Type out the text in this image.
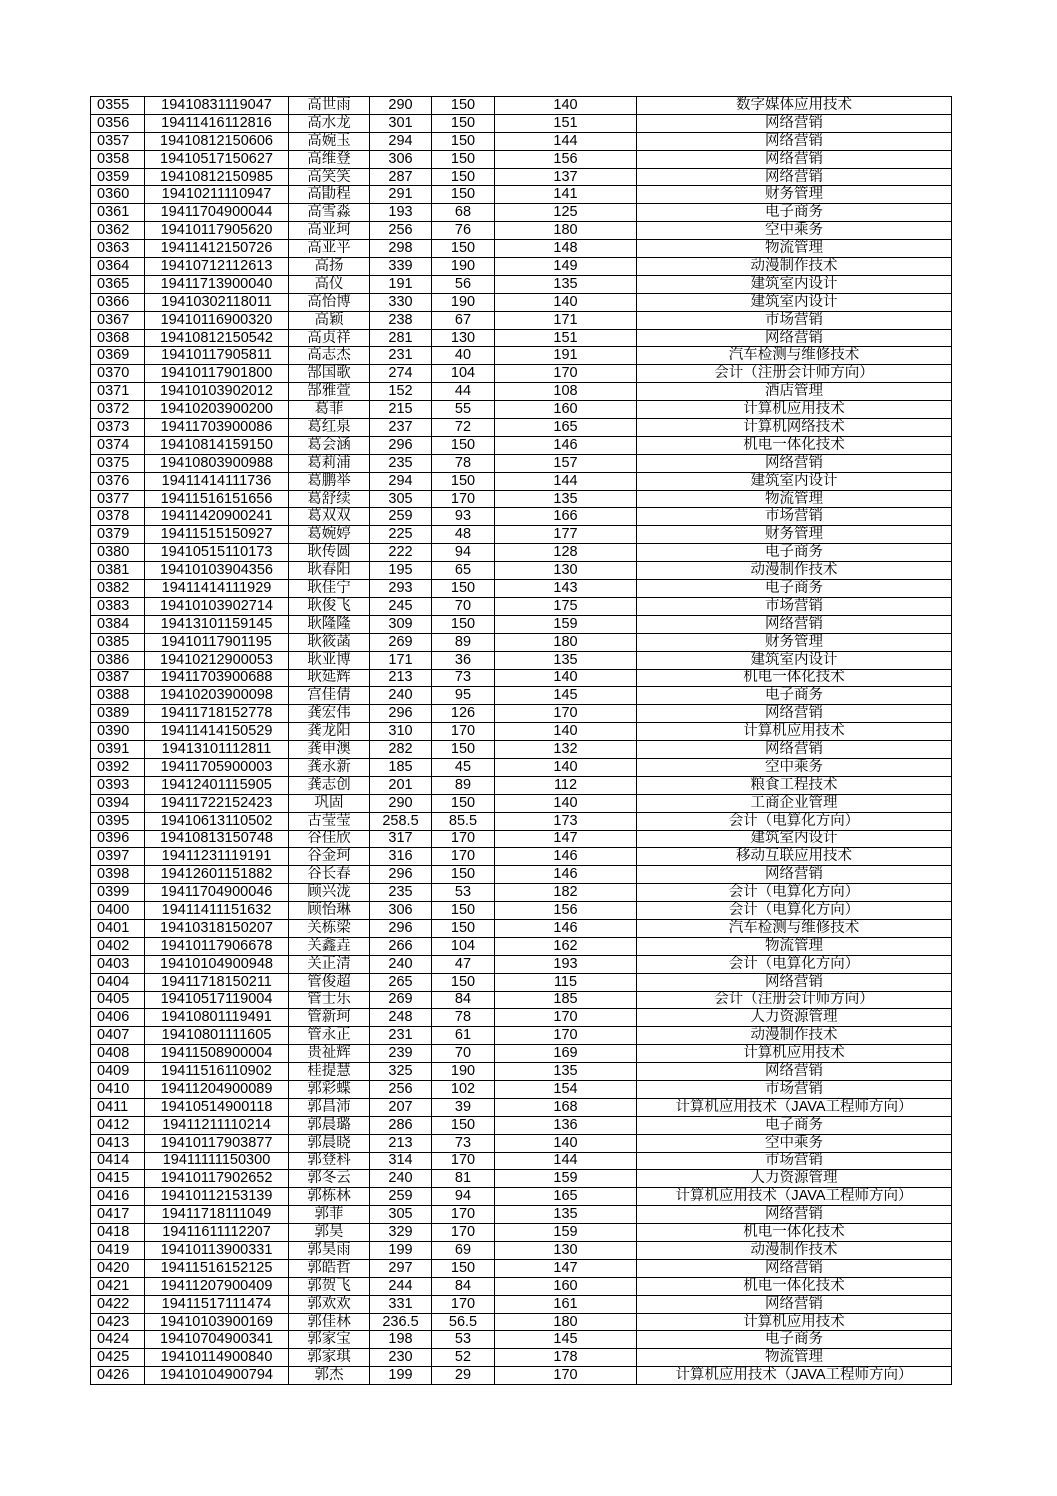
0355	19410831119047	高世雨	290	150	140	数字媒体应用技术
0356	19411416112816	高水龙	301	150	151	网络营销
0357	19410812150606	高婉玉	294	150	144	网络营销
0358	19410517150627	高维登	306	150	156	网络营销
0359	19410812150985	高笑笑	287	150	137	网络营销
0360	19410211110947	高勖程	291	150	141	财务管理
0361	19411704900044	高雪淼	193	68	125	电子商务
0362	19410117905620	高亚珂	256	76	180	空中乘务
0363	19411412150726	高亚平	298	150	148	物流管理
0364	19410712112613	高扬	339	190	149	动漫制作技术
0365	19411713900040	高仪	191	56	135	建筑室内设计
0366	19410302118011	高怡博	330	190	140	建筑室内设计
0367	19410116900320	高颖	238	67	171	市场营销
0368	19410812150542	高贞祥	281	130	151	网络营销
0369	19410117905811	高志杰	231	40	191	汽车检测与维修技术
0370	19410117901800	郜国歌	274	104	170	会计（注册会计师方向）
0371	19410103902012	郜雅萱	152	44	108	酒店管理
0372	19410203900200	葛菲	215	55	160	计算机应用技术
0373	19411703900086	葛红泉	237	72	165	计算机网络技术
0374	19410814159150	葛会涵	296	150	146	机电一体化技术
0375	19410803900988	葛莉浦	235	78	157	网络营销
0376	19411414111736	葛鹏举	294	150	144	建筑室内设计
0377	19411516151656	葛舒续	305	170	135	物流管理
0378	19411420900241	葛双双	259	93	166	市场营销
0379	19411515150927	葛婉婷	225	48	177	财务管理
0380	19410515110173	耿传圆	222	94	128	电子商务
0381	19410103904356	耿春阳	195	65	130	动漫制作技术
0382	19411414111929	耿佳宁	293	150	143	电子商务
0383	19410103902714	耿俊飞	245	70	175	市场营销
0384	19413101159145	耿隆隆	309	150	159	网络营销
0385	19410117901195	耿筱菡	269	89	180	财务管理
0386	19410212900053	耿亚博	171	36	135	建筑室内设计
0387	19411703900688	耿延辉	213	73	140	机电一体化技术
0388	19410203900098	宫佳倩	240	95	145	电子商务
0389	19411718152778	龚宏伟	296	126	170	网络营销
0390	19411414150529	龚龙阳	310	170	140	计算机应用技术
0391	19413101112811	龚申澳	282	150	132	网络营销
0392	19411705900003	龚永新	185	45	140	空中乘务
0393	19412401115905	龚志创	201	89	112	粮食工程技术
0394	19411722152423	巩固	290	150	140	工商企业管理
0395	19410613110502	古莹莹	258.5	85.5	173	会计（电算化方向）
0396	19410813150748	谷佳欣	317	170	147	建筑室内设计
0397	19411231119191	谷金珂	316	170	146	移动互联应用技术
0398	19412601151882	谷长春	296	150	146	网络营销
0399	19411704900046	顾兴泷	235	53	182	会计（电算化方向）
0400	19411411151632	顾怡琳	306	150	156	会计（电算化方向）
0401	19410318150207	关栋梁	296	150	146	汽车检测与维修技术
0402	19410117906678	关鑫垚	266	104	162	物流管理
0403	19410104900948	关正清	240	47	193	会计（电算化方向）
0404	19411718150211	管俊超	265	150	115	网络营销
0405	19410517119004	管士乐	269	84	185	会计（注册会计师方向）
0406	19410801119491	管新珂	248	78	170	人力资源管理
0407	19410801111605	管永正	231	61	170	动漫制作技术
0408	19411508900004	贵祉辉	239	70	169	计算机应用技术
0409	19411516110902	桂提慧	325	190	135	网络营销
0410	19411204900089	郭彩蝶	256	102	154	市场营销
0411	19410514900118	郭昌沛	207	39	168	计算机应用技术（JAVA工程师方向）
0412	19411211110214	郭晨璐	286	150	136	电子商务
0413	19410117903877	郭晨晓	213	73	140	空中乘务
0414	19411111150300	郭登科	314	170	144	市场营销
0415	19410117902652	郭冬云	240	81	159	人力资源管理
0416	19410112153139	郭栋林	259	94	165	计算机应用技术（JAVA工程师方向）
0417	19411718111049	郭菲	305	170	135	网络营销
0418	19411611112207	郭昊	329	170	159	机电一体化技术
0419	19410113900331	郭昊雨	199	69	130	动漫制作技术
0420	19411516152125	郭皓哲	297	150	147	网络营销
0421	19411207900409	郭贺飞	244	84	160	机电一体化技术
0422	19411517111474	郭欢欢	331	170	161	网络营销
0423	19410103900169	郭佳林	236.5	56.5	180	计算机应用技术
0424	19410704900341	郭家宝	198	53	145	电子商务
0425	19410114900840	郭家琪	230	52	178	物流管理
0426	19410104900794	郭杰	199	29	170	计算机应用技术（JAVA工程师方向）
